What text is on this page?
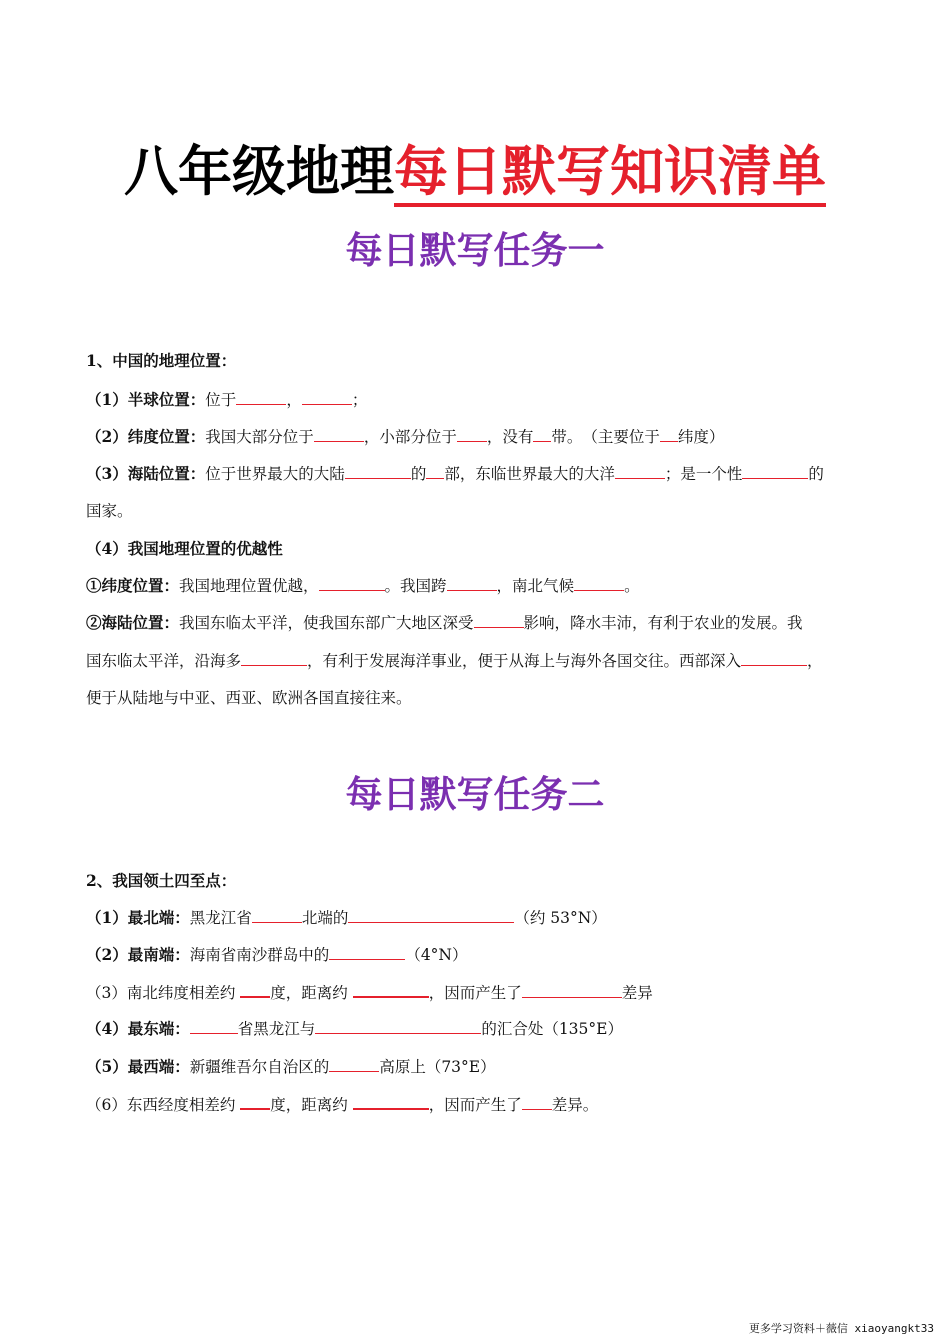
八年级地理每日默写知识清单
每日默写任务一
1、中国的地理位置：
（1）半球位置：位于	，	；
（2）纬度位置：我国大部分位于	，小部分位于 ，没有 带。　（主要位于 纬度）
（3）海陆位置：位于世界最大的大陆	的 部，东临世界最大的大洋	；是一个性	的
国家。
（4）我国地理位置的优越性
①纬度位置：我国地理位置优越，	。我国跨	，南北气候	。
②海陆位置：我国东临太平洋，使我国东部广大地区深受	影响，降水丰沛，有利于农业的发展。我
国东临太平洋，沿海多	，有利于发展海洋事业，便于从海上与海外各国交往。西部深入	，
便于从陆地与中亚、西亚、欧洲各国直接往来。
每日默写任务二
2、我国领土四至点：
（1）最北端：黑龙江省	北端的	（约 53°N）
（2）最南端：海南省南沙群岛中的	（4°N）
（3）南北纬度相差约 度，距离约	，因而产生了	差异
（4）最东端：	省黑龙江与	的汇合处（135°E）
（5）最西端：新疆维吾尔自治区的	高原上（73°E）
（6）东西经度相差约 度，距离约	，因而产生了 差异。
更多学习资料＋薇信 xiaoyangkt33
